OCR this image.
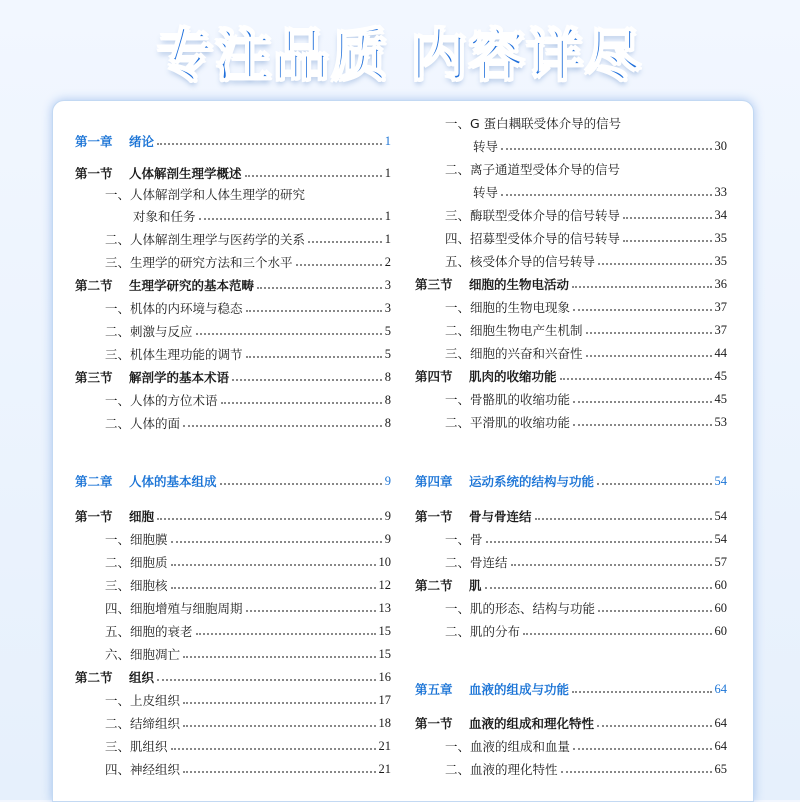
专注品质 内容详尽
第一章 绪论	1
第一节 人体解剖生理学概述	1
一、人体解剖学和人体生理学的研究
对象和任务	1
二、人体解剖生理学与医药学的关系	1
三、生理学的研究方法和三个水平	2
第二节 生理学研究的基本范畴	3
一、机体的内环境与稳态	3
二、刺激与反应	5
三、机体生理功能的调节	5
第三节 解剖学的基本术语	8
一、人体的方位术语	8
二、人体的面	8
第二章 人体的基本组成	9
第一节 细胞	9
一、细胞膜	9
二、细胞质	10
三、细胞核	12
四、细胞增殖与细胞周期	13
五、细胞的衰老	15
六、细胞凋亡	15
第二节 组织	16
一、上皮组织	17
二、结缔组织	18
三、肌组织	21
四、神经组织	21
一、G 蛋白耦联受体介导的信号
转导	30
二、离子通道型受体介导的信号
转导	33
三、酶联型受体介导的信号转导	34
四、招募型受体介导的信号转导	35
五、核受体介导的信号转导	35
第三节 细胞的生物电活动	36
一、细胞的生物电现象	37
二、细胞生物电产生机制	37
三、细胞的兴奋和兴奋性	44
第四节 肌肉的收缩功能	45
一、骨骼肌的收缩功能	45
二、平滑肌的收缩功能	53
第四章 运动系统的结构与功能	54
第一节 骨与骨连结	54
一、骨	54
二、骨连结	57
第二节 肌	60
一、肌的形态、结构与功能	60
二、肌的分布	60
第五章 血液的组成与功能	64
第一节 血液的组成和理化特性	64
一、血液的组成和血量	64
二、血液的理化特性	65
